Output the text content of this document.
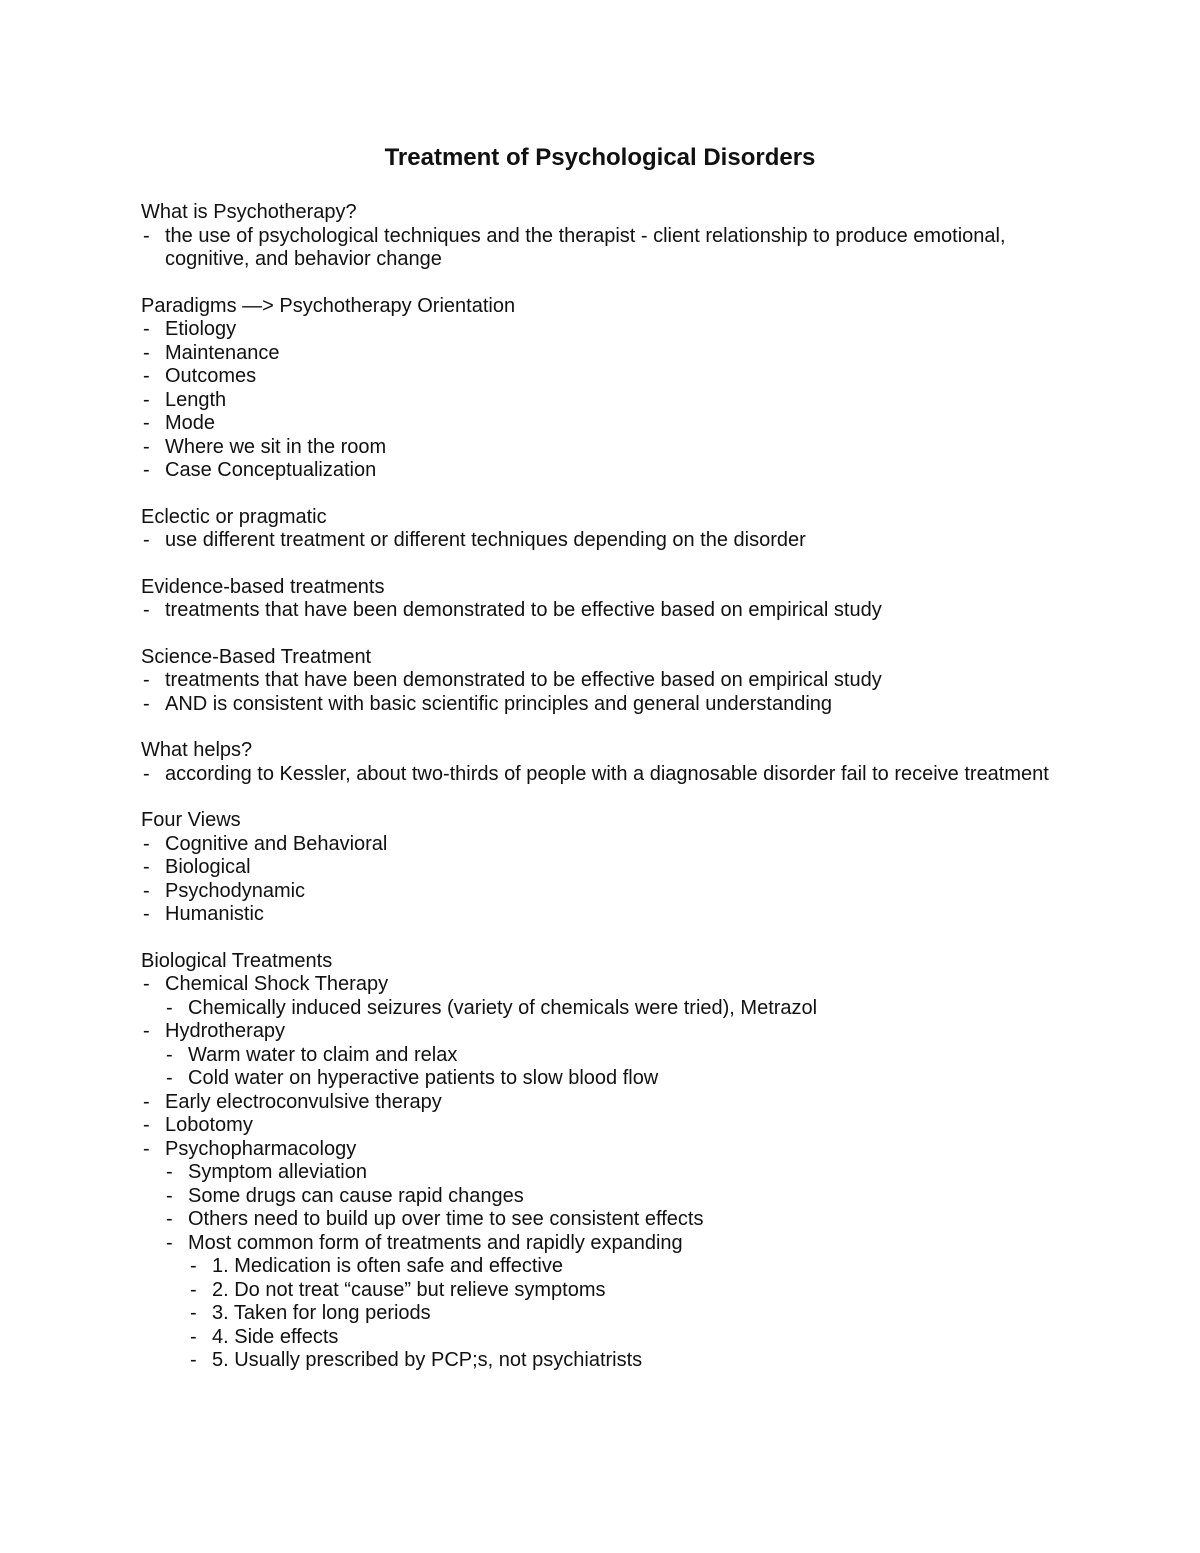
Treatment of Psychological Disorders
What is Psychotherapy?
- the use of psychological techniques and the therapist - client relationship to produce emotional, cognitive, and behavior change
Paradigms —> Psychotherapy Orientation
- Etiology
- Maintenance
- Outcomes
- Length
- Mode
- Where we sit in the room
- Case Conceptualization
Eclectic or pragmatic
- use different treatment or different techniques depending on the disorder
Evidence-based treatments
- treatments that have been demonstrated to be effective based on empirical study
Science-Based Treatment
- treatments that have been demonstrated to be effective based on empirical study
- AND is consistent with basic scientific principles and general understanding
What helps?
- according to Kessler, about two-thirds of people with a diagnosable disorder fail to receive treatment
Four Views
- Cognitive and Behavioral
- Biological
- Psychodynamic
- Humanistic
Biological Treatments
- Chemical Shock Therapy
- Chemically induced seizures (variety of chemicals were tried), Metrazol
- Hydrotherapy
- Warm water to claim and relax
- Cold water on hyperactive patients to slow blood flow
- Early electroconvulsive therapy
- Lobotomy
- Psychopharmacology
- Symptom alleviation
- Some drugs can cause rapid changes
- Others need to build up over time to see consistent effects
- Most common form of treatments and rapidly expanding
- 1. Medication is often safe and effective
- 2. Do not treat “cause” but relieve symptoms
- 3. Taken for long periods
- 4. Side effects
- 5. Usually prescribed by PCP;s, not psychiatrists
